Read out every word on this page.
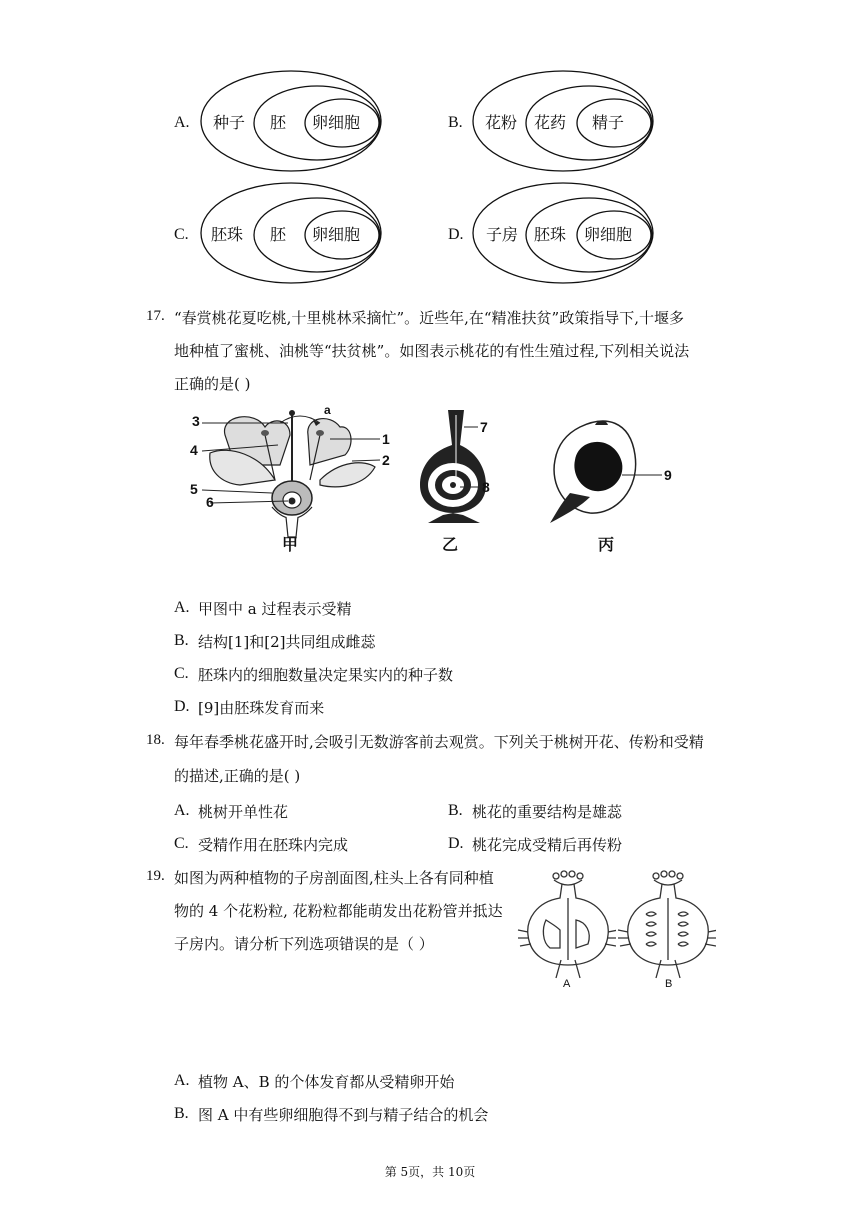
A. 种子 胚 卵细胞	B. 花粉 花药 精子
C. 胚珠 胚 卵细胞	D. 子房 胚珠 卵细胞
17. “春赏桃花夏吃桃,十里桃林采摘忙”。近些年,在“精准扶贫”政策指导下,十堰多
地种植了蜜桃、油桃等“扶贫桃”。如图表示桃花的有性生殖过程,下列相关说法
正确的是( )
3
a
4
1
2
5
6
甲
7
8
乙
9
丙
A. 甲图中 a 过程表示受精
B. 结构[1]和[2]共同组成雌蕊
C. 胚珠内的细胞数量决定果实内的种子数
D. [9]由胚珠发育而来
18. 每年春季桃花盛开时,会吸引无数游客前去观赏。下列关于桃树开花、传粉和受精
的描述,正确的是( )
A. 桃树开单性花	B. 桃花的重要结构是雄蕊
C. 受精作用在胚珠内完成	D. 桃花完成受精后再传粉
19. 如图为两种植物的子房剖面图,柱头上各有同种植
物的 4 个花粉粒, 花粉粒都能萌发出花粉管并抵达
子房内。请分析下列选项错误的是（ ）
A	B
A. 植物 A、B 的个体发育都从受精卵开始
B. 图 A 中有些卵细胞得不到与精子结合的机会
第 5页，共 10页
